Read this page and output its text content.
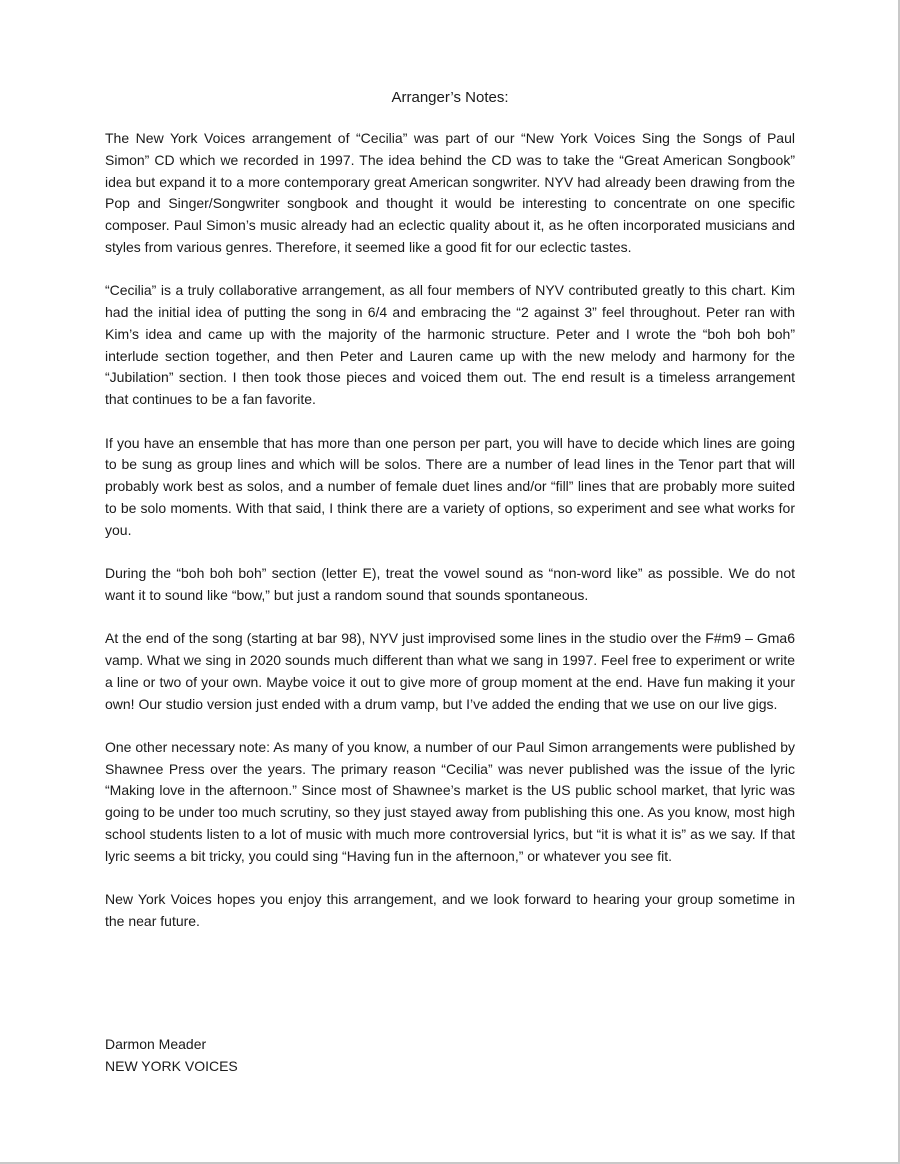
Arranger’s Notes:

The New York Voices arrangement of “Cecilia” was part of our “New York Voices Sing the Songs of Paul Simon” CD which we recorded in 1997. The idea behind the CD was to take the “Great American Songbook” idea but expand it to a more contemporary great American songwriter. NYV had already been drawing from the Pop and Singer/Songwriter songbook and thought it would be interesting to concentrate on one specific composer. Paul Simon’s music already had an eclectic quality about it, as he often incorporated musicians and styles from various genres. Therefore, it seemed like a good fit for our eclectic tastes.

“Cecilia” is a truly collaborative arrangement, as all four members of NYV contributed greatly to this chart. Kim had the initial idea of putting the song in 6/4 and embracing the “2 against 3” feel throughout. Peter ran with Kim’s idea and came up with the majority of the harmonic structure. Peter and I wrote the “boh boh boh” interlude section together, and then Peter and Lauren came up with the new melody and harmony for the “Jubilation” section. I then took those pieces and voiced them out. The end result is a timeless arrangement that continues to be a fan favorite.

If you have an ensemble that has more than one person per part, you will have to decide which lines are going to be sung as group lines and which will be solos. There are a number of lead lines in the Tenor part that will probably work best as solos, and a number of female duet lines and/or “fill” lines that are probably more suited to be solo moments. With that said, I think there are a variety of options, so experiment and see what works for you.

During the “boh boh boh” section (letter E), treat the vowel sound as “non-word like” as possible. We do not want it to sound like “bow,” but just a random sound that sounds spontaneous.

At the end of the song (starting at bar 98), NYV just improvised some lines in the studio over the F#m9 – Gma6 vamp. What we sing in 2020 sounds much different than what we sang in 1997. Feel free to experiment or write a line or two of your own. Maybe voice it out to give more of group moment at the end. Have fun making it your own! Our studio version just ended with a drum vamp, but I’ve added the ending that we use on our live gigs.

One other necessary note: As many of you know, a number of our Paul Simon arrangements were published by Shawnee Press over the years. The primary reason “Cecilia” was never published was the issue of the lyric “Making love in the afternoon.” Since most of Shawnee’s market is the US public school market, that lyric was going to be under too much scrutiny, so they just stayed away from publishing this one. As you know, most high school students listen to a lot of music with much more controversial lyrics, but “it is what it is” as we say. If that lyric seems a bit tricky, you could sing “Having fun in the afternoon,” or whatever you see fit.

New York Voices hopes you enjoy this arrangement, and we look forward to hearing your group sometime in the near future.

Darmon Meader
NEW YORK VOICES
